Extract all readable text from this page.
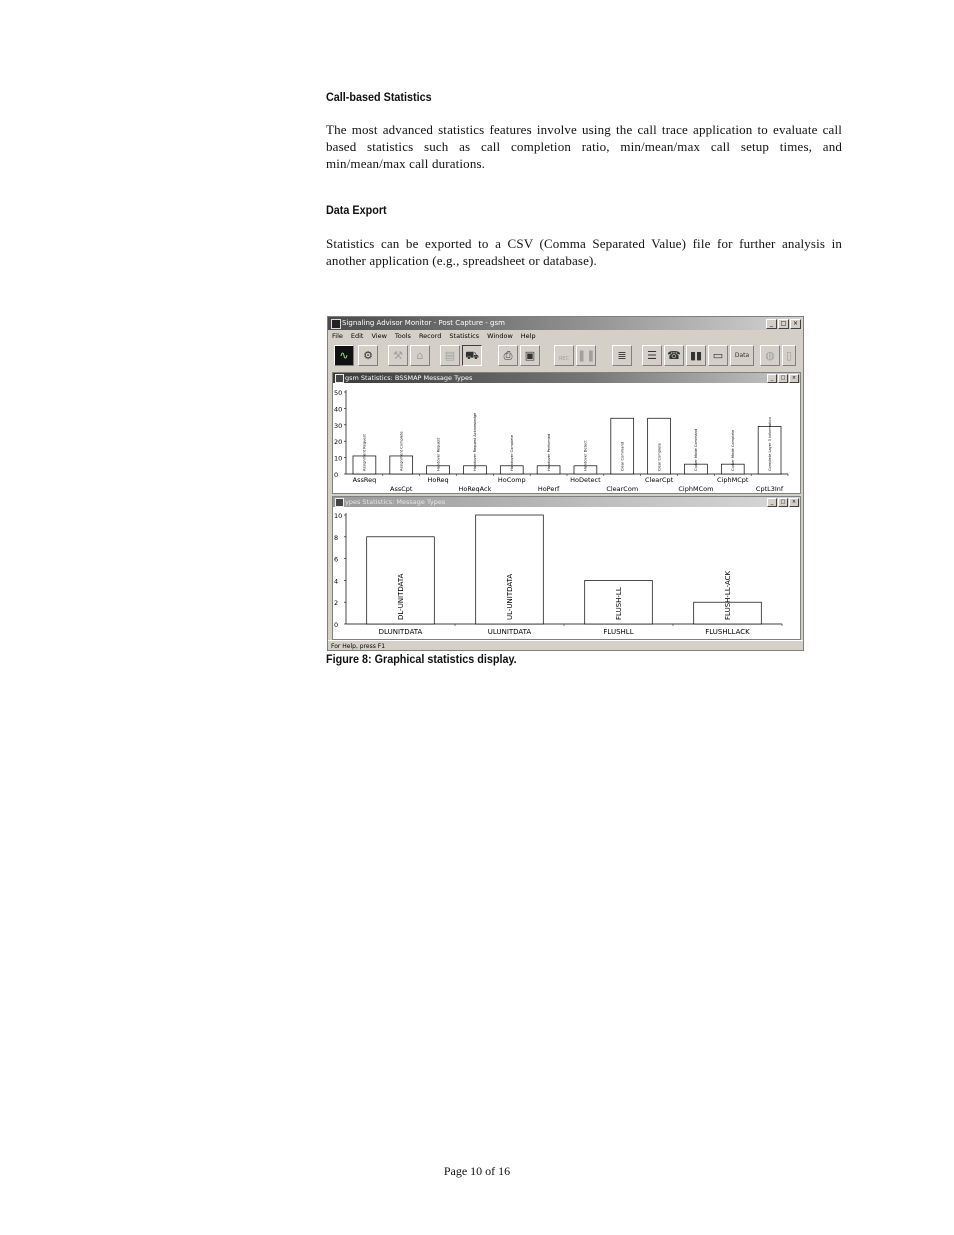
Call-based Statistics
The most advanced statistics features involve using the call trace application to evaluate call based statistics such as call completion ratio, min/mean/max call setup times, and min/mean/max call durations.
Data Export
Statistics can be exported to a CSV (Comma Separated Value) file for further analysis in another application (e.g., spreadsheet or database).
Signaling Advisor Monitor - Post Capture - gsm	_	□	×
File Edit View Tools Record Statistics Window Help
∿	⚙	⚒	⌂	▤ ⛟	⎙	▣	REC ❚❚	≣	☰ ☎ ▮▮ ▭	Data	◍	▯
gsm Statistics: BSSMAP Message Types	_	□	×
0
10
20
30
40
50
Assignment Request
AssReq
Assignment Complete
AssCpt
Handover Request
HoReq
Handover Request Acknowledge
HoReqAck
Handover Complete
HoComp
Handover Performed
HoPerf
Handover Detect
HoDetect
Clear Command
ClearCom
Clear Complete
ClearCpt
Cipher Mode Command
CiphMCom
Cipher Mode Complete
CiphMCpt
Complete Layer 3 Information
CptL3Inf
ypes Statistics: Message Types	_	□	×
0
2
4
6
8
10
DL-UNITDATA
DLUNITDATA
UL-UNITDATA
ULUNITDATA
FLUSH-LL
FLUSHLL
FLUSH-LL-ACK
FLUSHLLACK
For Help, press F1
Figure 8: Graphical statistics display.
Page 10 of 16
